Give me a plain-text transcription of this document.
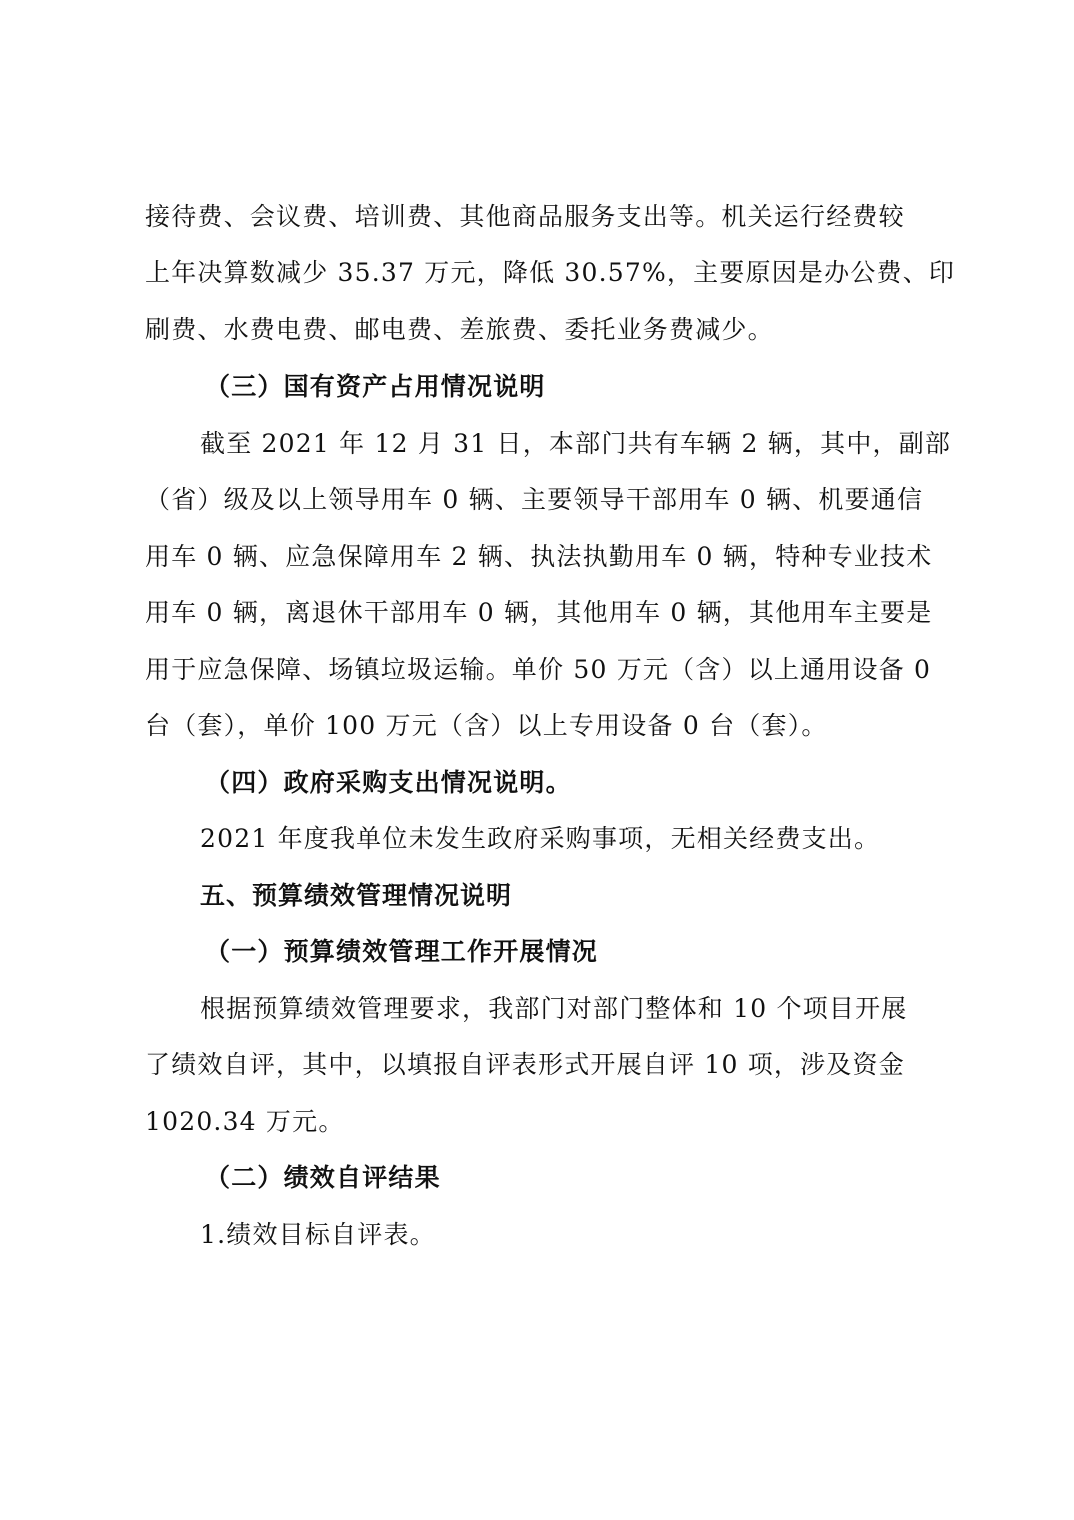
接待费、会议费、培训费、其他商品服务支出等。机关运行经费较
上年决算数减少 35.37 万元，降低 30.57%，主要原因是办公费、印
刷费、水费电费、邮电费、差旅费、委托业务费减少。
（三）国有资产占用情况说明
截至 2021 年 12 月 31 日，本部门共有车辆 2 辆，其中，副部
（省）级及以上领导用车 0 辆、主要领导干部用车 0 辆、机要通信
用车 0 辆、应急保障用车 2 辆、执法执勤用车 0 辆，特种专业技术
用车 0 辆，离退休干部用车 0 辆，其他用车 0 辆，其他用车主要是
用于应急保障、场镇垃圾运输。单价 50 万元（含）以上通用设备 0
台（套），单价 100 万元（含）以上专用设备 0 台（套）。
（四）政府采购支出情况说明。
2021 年度我单位未发生政府采购事项，无相关经费支出。
五、预算绩效管理情况说明
（一）预算绩效管理工作开展情况
根据预算绩效管理要求，我部门对部门整体和 10 个项目开展
了绩效自评，其中，以填报自评表形式开展自评 10 项，涉及资金
1020.34 万元。
（二）绩效自评结果
1.绩效目标自评表。
